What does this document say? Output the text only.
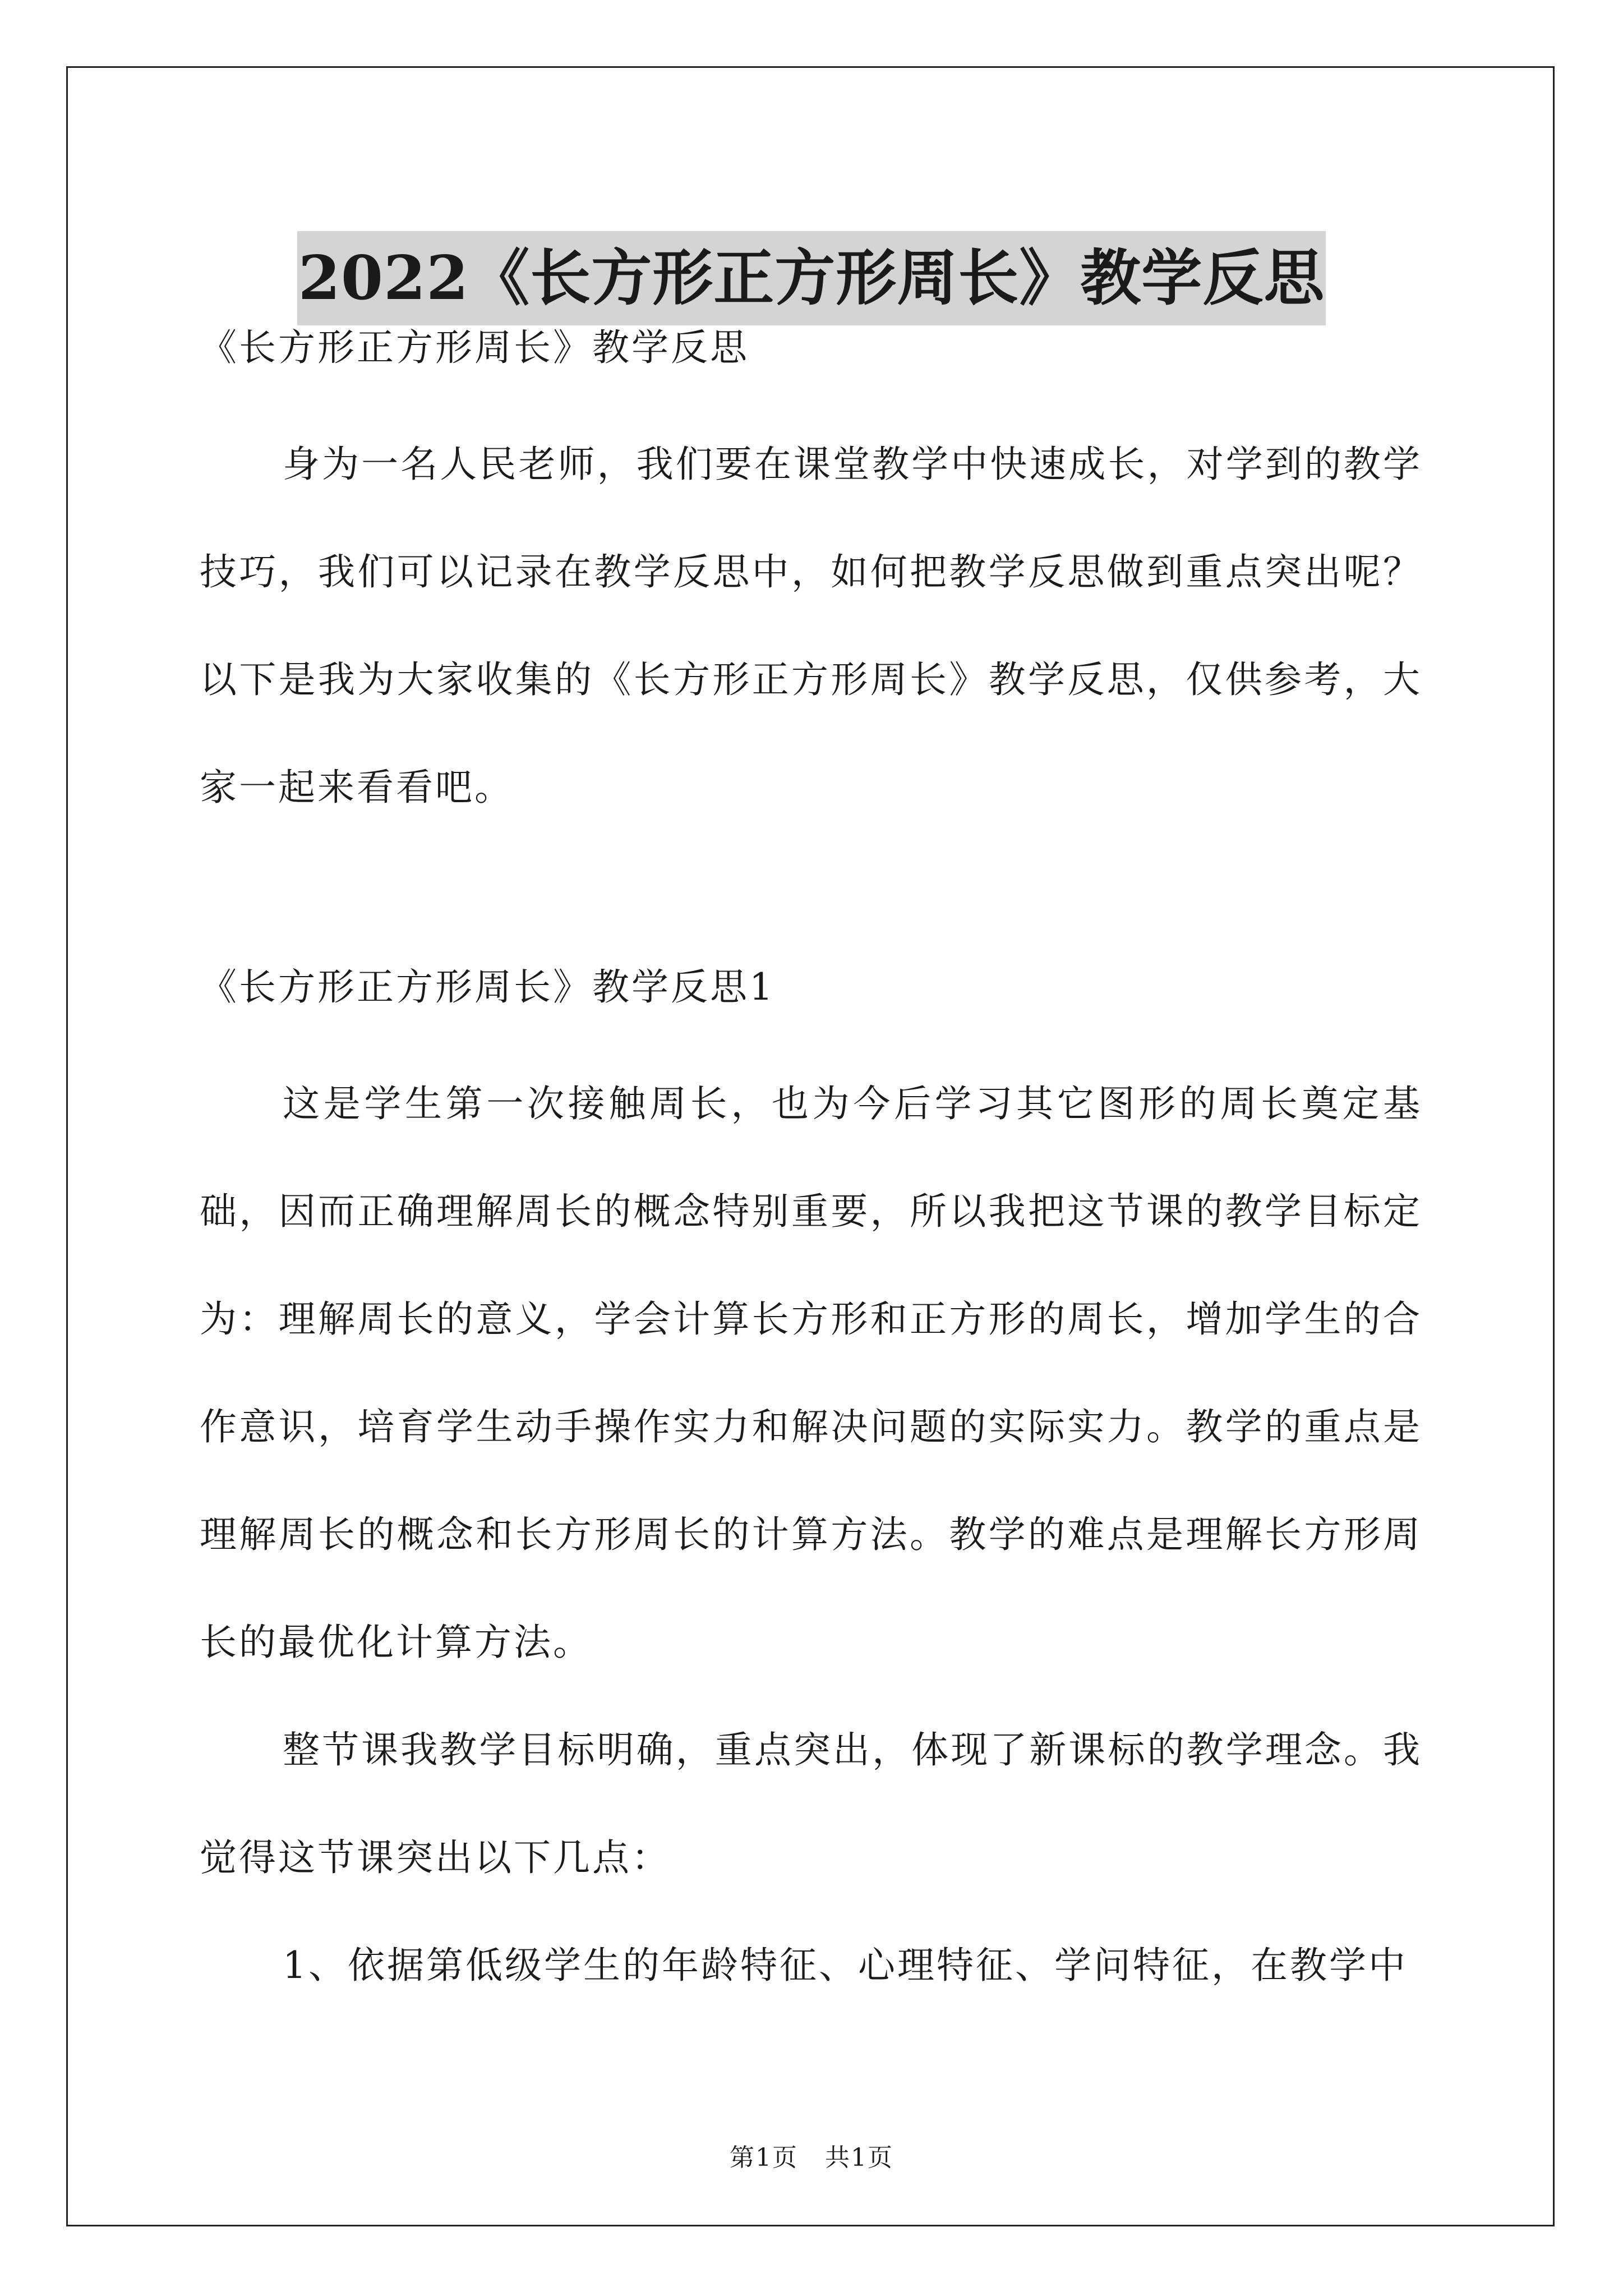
2022《长方形正方形周长》教学反思

《长方形正方形周长》教学反思

身为一名人民老师，我们要在课堂教学中快速成长，对学到的教学技巧，我们可以记录在教学反思中，如何把教学反思做到重点突出呢？以下是我为大家收集的《长方形正方形周长》教学反思，仅供参考，大家一起来看看吧。

《长方形正方形周长》教学反思1

这是学生第一次接触周长，也为今后学习其它图形的周长奠定基础，因而正确理解周长的概念特别重要，所以我把这节课的教学目标定为：理解周长的意义，学会计算长方形和正方形的周长，增加学生的合作意识，培育学生动手操作实力和解决问题的实际实力。教学的重点是理解周长的概念和长方形周长的计算方法。教学的难点是理解长方形周长的最优化计算方法。

整节课我教学目标明确，重点突出，体现了新课标的教学理念。我觉得这节课突出以下几点：

1、依据第低级学生的年龄特征、心理特征、学问特征，在教学中

第1页 共1页
